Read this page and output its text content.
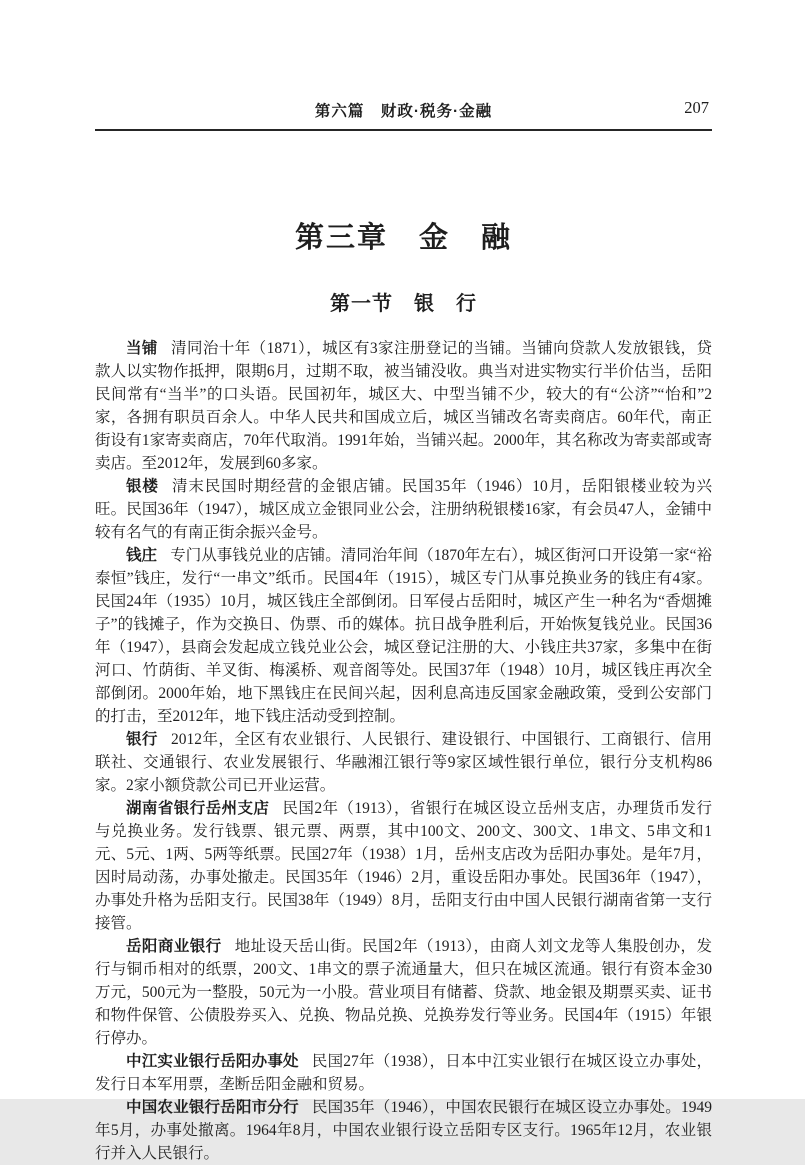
第六篇　财政·税务·金融	207
第三章　金　融
第一节　银　行

当铺 清同治十年（1871），城区有3家注册登记的当铺。当铺向贷款人发放银钱，贷款人以实物作抵押，限期6月，过期不取，被当铺没收。典当对进实物实行半价估当，岳阳民间常有“当半”的口头语。民国初年，城区大、中型当铺不少，较大的有“公济”“怡和”2家，各拥有职员百余人。中华人民共和国成立后，城区当铺改名寄卖商店。60年代，南正街设有1家寄卖商店，70年代取消。1991年始，当铺兴起。2000年，其名称改为寄卖部或寄卖店。至2012年，发展到60多家。

银楼 清末民国时期经营的金银店铺。民国35年（1946）10月，岳阳银楼业较为兴旺。民国36年（1947），城区成立金银同业公会，注册纳税银楼16家，有会员47人，金铺中较有名气的有南正街余振兴金号。

钱庄 专门从事钱兑业的店铺。清同治年间（1870年左右），城区街河口开设第一家“裕泰恒”钱庄，发行“一串文”纸币。民国4年（1915），城区专门从事兑换业务的钱庄有4家。民国24年（1935）10月，城区钱庄全部倒闭。日军侵占岳阳时，城区产生一种名为“香烟摊子”的钱摊子，作为交换日、伪票、币的媒体。抗日战争胜利后，开始恢复钱兑业。民国36年（1947），县商会发起成立钱兑业公会，城区登记注册的大、小钱庄共37家，多集中在街河口、竹荫街、羊叉街、梅溪桥、观音阁等处。民国37年（1948）10月，城区钱庄再次全部倒闭。2000年始，地下黑钱庄在民间兴起，因利息高违反国家金融政策，受到公安部门的打击，至2012年，地下钱庄活动受到控制。

银行 2012年，全区有农业银行、人民银行、建设银行、中国银行、工商银行、信用联社、交通银行、农业发展银行、华融湘江银行等9家区域性银行单位，银行分支机构86家。2家小额贷款公司已开业运营。

湖南省银行岳州支店 民国2年（1913），省银行在城区设立岳州支店，办理货币发行与兑换业务。发行钱票、银元票、两票，其中100文、200文、300文、1串文、5串文和1元、5元、1两、5两等纸票。民国27年（1938）1月，岳州支店改为岳阳办事处。是年7月，因时局动荡，办事处撤走。民国35年（1946）2月，重设岳阳办事处。民国36年（1947），办事处升格为岳阳支行。民国38年（1949）8月，岳阳支行由中国人民银行湖南省第一支行接管。

岳阳商业银行 地址设天岳山街。民国2年（1913），由商人刘文龙等人集股创办，发行与铜币相对的纸票，200文、1串文的票子流通量大，但只在城区流通。银行有资本金30万元，500元为一整股，50元为一小股。营业项目有储蓄、贷款、地金银及期票买卖、证书和物件保管、公债股券买入、兑换、物品兑换、兑换券发行等业务。民国4年（1915）年银行停办。

中江实业银行岳阳办事处 民国27年（1938），日本中江实业银行在城区设立办事处，发行日本军用票，垄断岳阳金融和贸易。

中国农业银行岳阳市分行 民国35年（1946），中国农民银行在城区设立办事处。1949年5月，办事处撤离。1964年8月，中国农业银行设立岳阳专区支行。1965年12月，农业银行并入人民银行。
